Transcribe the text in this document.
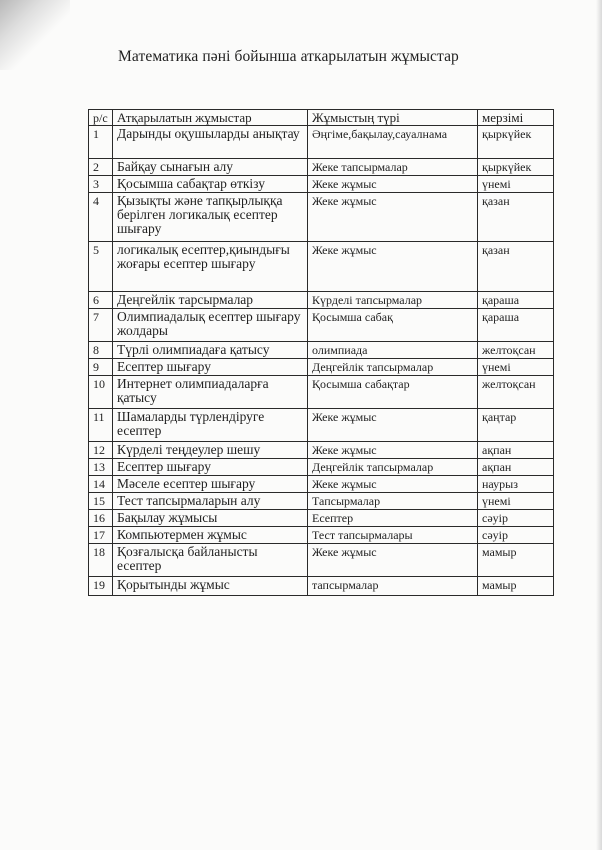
Математика пәні бойынша аткарылатын жұмыстар
р/с	Атқарылатын жұмыстар	Жұмыстың түрі	мерзімі
1	Дарынды оқушыларды анықтау	Әңгіме,бақылау,сауалнама	қыркүйек
2	Байқау сынағын алу	Жеке тапсырмалар	қыркүйек
3	Қосымша сабақтар өткізу	Жеке жұмыс	үнемі
4	Қызықты және тапқырлыққа берілген логикалық есептер шығару	Жеке жұмыс	қазан
5	логикалық есептер,қиындығы жоғары есептер шығару	Жеке жұмыс	қазан
6	Деңгейлік тарсырмалар	Күрделі тапсырмалар	қараша
7	Олимпиадалық есептер шығару жолдары	Қосымша сабақ	қараша
8	Түрлі олимпиадаға қатысу	олимпиада	желтоқсан
9	Есептер шығару	Деңгейлік тапсырмалар	үнемі
10	Интернет олимпиадаларға қатысу	Қосымша сабақтар	желтоқсан
11	Шамаларды түрлендіруге есептер	Жеке жұмыс	қаңтар
12	Күрделі теңдеулер шешу	Жеке жұмыс	ақпан
13	Есептер шығару	Деңгейлік тапсырмалар	ақпан
14	Мәселе есептер шығару	Жеке жұмыс	наурыз
15	Тест тапсырмаларын алу	Тапсырмалар	үнемі
16	Бақылау жұмысы	Есептер	сәуір
17	Компьютермен жұмыс	Тест тапсырмалары	сәуір
18	Қозғалысқа байланысты есептер	Жеке жұмыс	мамыр
19	Қорытынды жұмыс	тапсырмалар	мамыр
